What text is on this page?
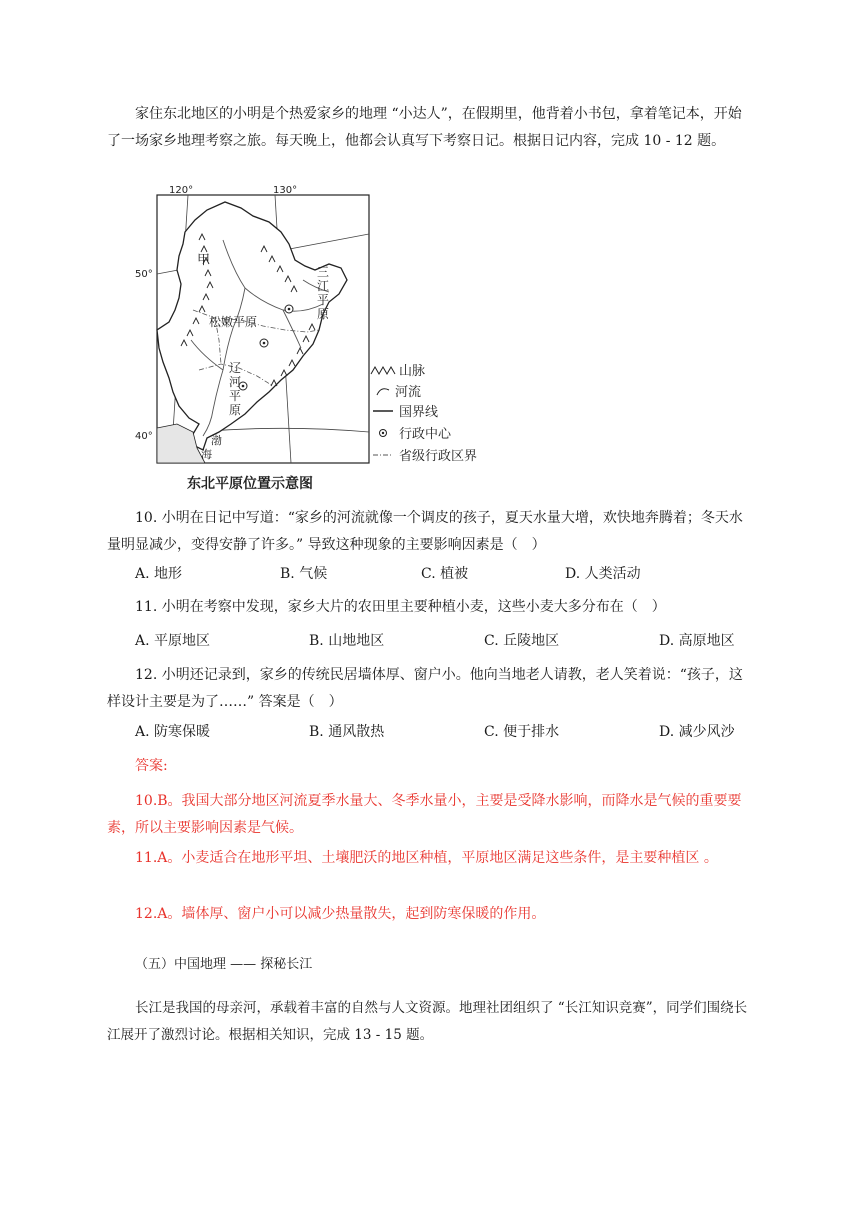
家住东北地区的小明是个热爱家乡的地理 “小达人”，在假期里，他背着小书包，拿着笔记本，开始了一场家乡地理考察之旅。每天晚上，他都会认真写下考察日记。根据日记内容，完成 10 - 12 题。
120°	130°
50°
40°
甲
松嫩平原
辽
河
平
原
三
江
平
原
渤
海
山脉
河流
国界线
行政中心
省级行政区界
东北平原位置示意图
10. 小明在日记中写道：“家乡的河流就像一个调皮的孩子，夏天水量大增，欢快地奔腾着；冬天水量明显减少，变得安静了许多。” 导致这种现象的主要影响因素是（　）
A. 地形	B. 气候	C. 植被	D. 人类活动
11. 小明在考察中发现，家乡大片的农田里主要种植小麦，这些小麦大多分布在（　）
A. 平原地区	B. 山地地区	C. 丘陵地区	D. 高原地区
12. 小明还记录到，家乡的传统民居墙体厚、窗户小。他向当地老人请教，老人笑着说：“孩子，这样设计主要是为了……” 答案是（　）
A. 防寒保暖	B. 通风散热	C. 便于排水	D. 减少风沙
答案:
10.B。我国大部分地区河流夏季水量大、冬季水量小，主要是受降水影响，而降水是气候的重要要素，所以主要影响因素是气候。
11.A。小麦适合在地形平坦、土壤肥沃的地区种植，平原地区满足这些条件，是主要种植区 。
12.A。墙体厚、窗户小可以减少热量散失，起到防寒保暖的作用。
（五）中国地理 —— 探秘长江
长江是我国的母亲河，承载着丰富的自然与人文资源。地理社团组织了 “长江知识竞赛”，同学们围绕长江展开了激烈讨论。根据相关知识，完成 13 - 15 题。
